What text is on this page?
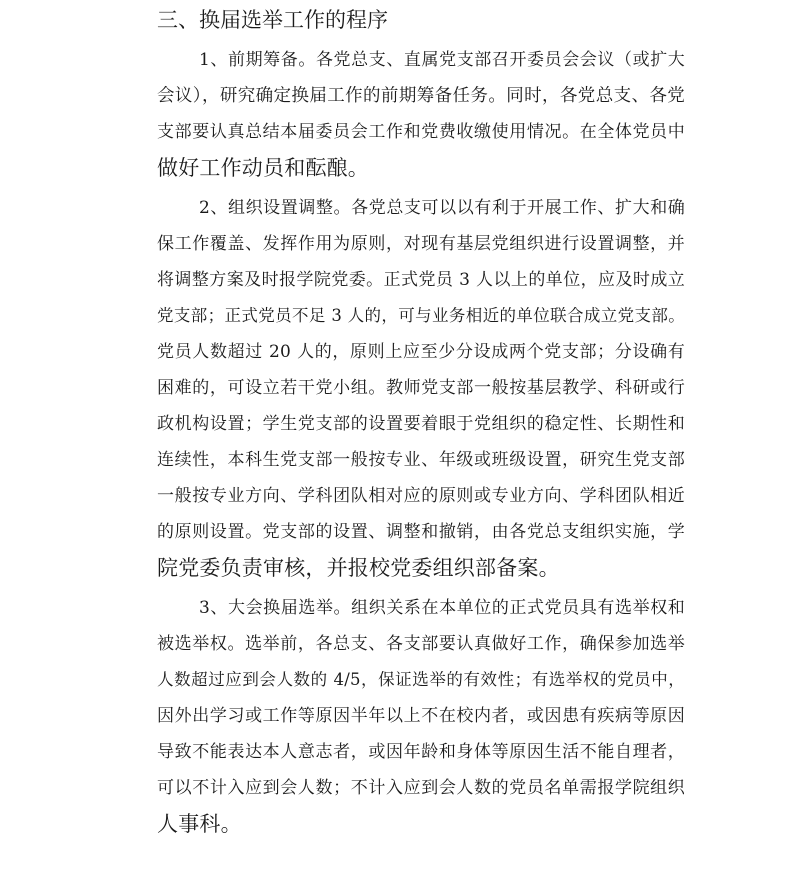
三、换届选举工作的程序
1、前期筹备。各党总支、直属党支部召开委员会会议（或扩大
会议），研究确定换届工作的前期筹备任务。同时，各党总支、各党
支部要认真总结本届委员会工作和党费收缴使用情况。在全体党员中
做好工作动员和酝酿。
2、组织设置调整。各党总支可以以有利于开展工作、扩大和确
保工作覆盖、发挥作用为原则，对现有基层党组织进行设置调整，并
将调整方案及时报学院党委。正式党员 3 人以上的单位，应及时成立
党支部；正式党员不足 3 人的，可与业务相近的单位联合成立党支部。
党员人数超过 20 人的，原则上应至少分设成两个党支部；分设确有
困难的，可设立若干党小组。教师党支部一般按基层教学、科研或行
政机构设置；学生党支部的设置要着眼于党组织的稳定性、长期性和
连续性，本科生党支部一般按专业、年级或班级设置，研究生党支部
一般按专业方向、学科团队相对应的原则或专业方向、学科团队相近
的原则设置。党支部的设置、调整和撤销，由各党总支组织实施，学
院党委负责审核，并报校党委组织部备案。
3、大会换届选举。组织关系在本单位的正式党员具有选举权和
被选举权。选举前，各总支、各支部要认真做好工作，确保参加选举
人数超过应到会人数的 4/5，保证选举的有效性；有选举权的党员中，
因外出学习或工作等原因半年以上不在校内者，或因患有疾病等原因
导致不能表达本人意志者，或因年龄和身体等原因生活不能自理者，
可以不计入应到会人数；不计入应到会人数的党员名单需报学院组织
人事科。
